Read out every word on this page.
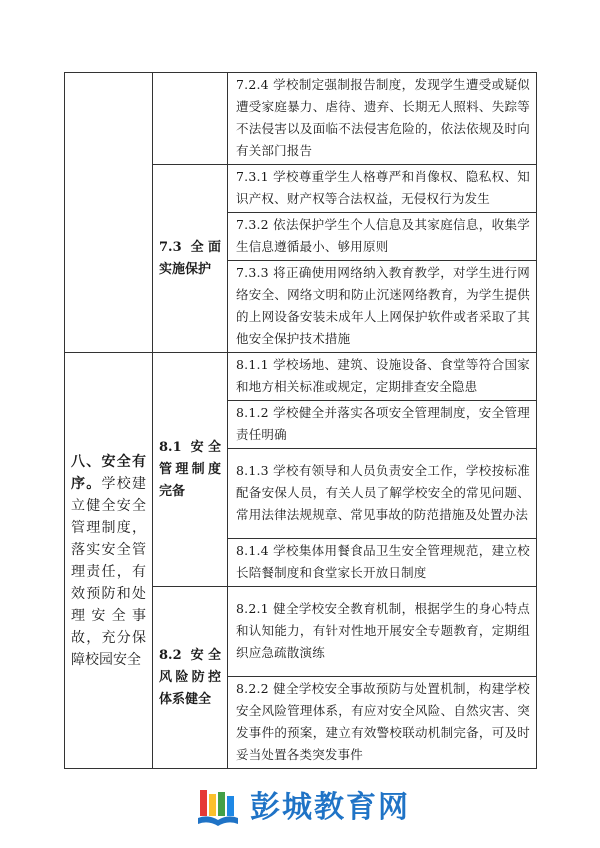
		7.2.4 学校制定强制报告制度，发现学生遭受或疑似遭受家庭暴力、虐待、遗弃、长期无人照料、失踪等不法侵害以及面临不法侵害危险的，依法依规及时向有关部门报告

	7.3 全面实施保护	7.3.1 学校尊重学生人格尊严和肖像权、隐私权、知识产权、财产权等合法权益，无侵权行为发生

		7.3.2 依法保护学生个人信息及其家庭信息，收集学生信息遵循最小、够用原则

		7.3.3 将正确使用网络纳入教育教学，对学生进行网络安全、网络文明和防止沉迷网络教育，为学生提供的上网设备安装未成年人上网保护软件或者采取了其他安全保护技术措施

八、安全有序。学校建立健全安全管理制度，落实安全管理责任，有效预防和处理安全事故，充分保障校园安全	8.1 安全管理制度完备	8.1.1 学校场地、建筑、设施设备、食堂等符合国家和地方相关标准或规定，定期排查安全隐患

		8.1.2 学校健全并落实各项安全管理制度，安全管理责任明确

		8.1.3 学校有领导和人员负责安全工作，学校按标准配备安保人员，有关人员了解学校安全的常见问题、常用法律法规规章、常见事故的防范措施及处置办法

		8.1.4 学校集体用餐食品卫生安全管理规范，建立校长陪餐制度和食堂家长开放日制度

	8.2 安全风险防控体系健全	8.2.1 健全学校安全教育机制，根据学生的身心特点和认知能力，有针对性地开展安全专题教育，定期组织应急疏散演练

		8.2.2 健全学校安全事故预防与处置机制，构建学校安全风险管理体系，有应对安全风险、自然灾害、突发事件的预案，建立有效警校联动机制完备，可及时妥当处置各类突发事件
彭城教育网
